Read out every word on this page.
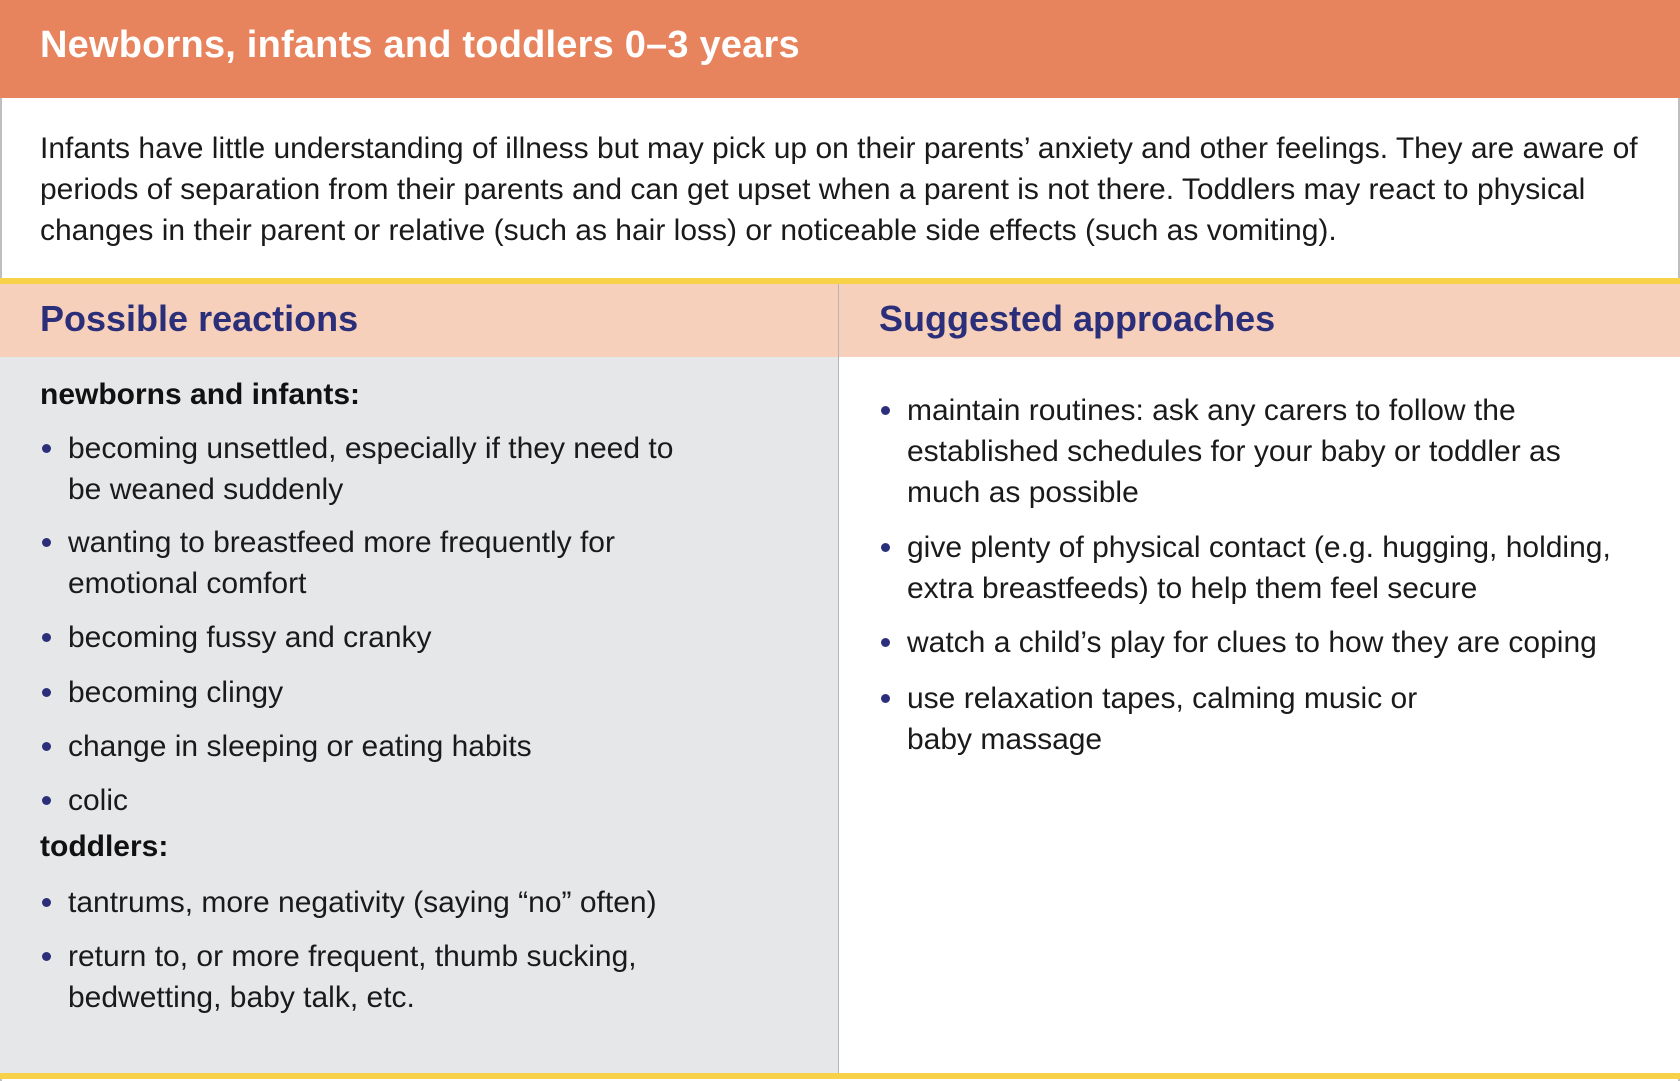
Newborns, infants and toddlers 0–3 years

Infants have little understanding of illness but may pick up on their parents’ anxiety and other feelings. They are aware of periods of separation from their parents and can get upset when a parent is not there. Toddlers may react to physical changes in their parent or relative (such as hair loss) or noticeable side effects (such as vomiting).

Possible reactions
newborns and infants:
becoming unsettled, especially if they need to be weaned suddenly
wanting to breastfeed more frequently for emotional comfort
becoming fussy and cranky
becoming clingy
change in sleeping or eating habits
colic
toddlers:
tantrums, more negativity (saying “no” often)
return to, or more frequent, thumb sucking, bedwetting, baby talk, etc.
Suggested approaches
maintain routines: ask any carers to follow the established schedules for your baby or toddler as much as possible
give plenty of physical contact (e.g. hugging, holding, extra breastfeeds) to help them feel secure
watch a child’s play for clues to how they are coping
use relaxation tapes, calming music or baby massage
